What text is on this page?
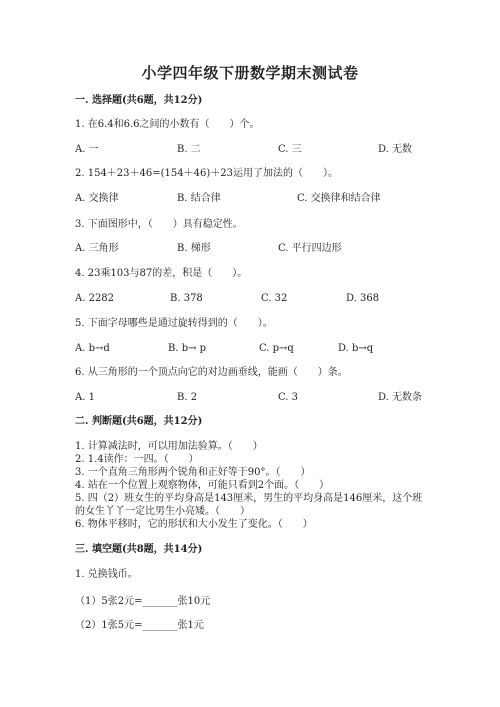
小学四年级下册数学期末测试卷
一. 选择题(共6题，共12分)
1. 在6.4和6.6之间的小数有（　　）个。
A. 一	B. 二	C. 三	D. 无数
2. 154＋23＋46=(154＋46)＋23运用了加法的（　　）。
A. 交换律	B. 结合律	C. 交换律和结合律
3. 下面图形中，（　　）具有稳定性。
A. 三角形	B. 梯形	C. 平行四边形
4. 23乘103与87的差，积是（　　）。
A. 2282	B. 378	C. 32	D. 368
5. 下面字母哪些是通过旋转得到的（　　）。
A. b→d	B. b→ p	C. p→q	D. b→q
6. 从三角形的一个顶点向它的对边画垂线，能画（　　）条。
A. 1	B. 2	C. 3	D. 无数条
二. 判断题(共6题，共12分)
1. 计算减法时，可以用加法验算。（　　）
2. 1.4读作：一四。（　　）
3. 一个直角三角形两个锐角和正好等于90°。（　　）
4. 站在一个位置上观察物体，可能只看到2个面。（　　）
5. 四（2）班女生的平均身高是143厘米，男生的平均身高是146厘米，这个班
的女生丫丫一定比男生小亮矮。（　　）
6. 物体平移时，它的形状和大小发生了变化。（　　）
三. 填空题(共8题，共14分)
1. 兑换钱币。
（1）5张2元=_______张10元
（2）1张5元=_______张1元
